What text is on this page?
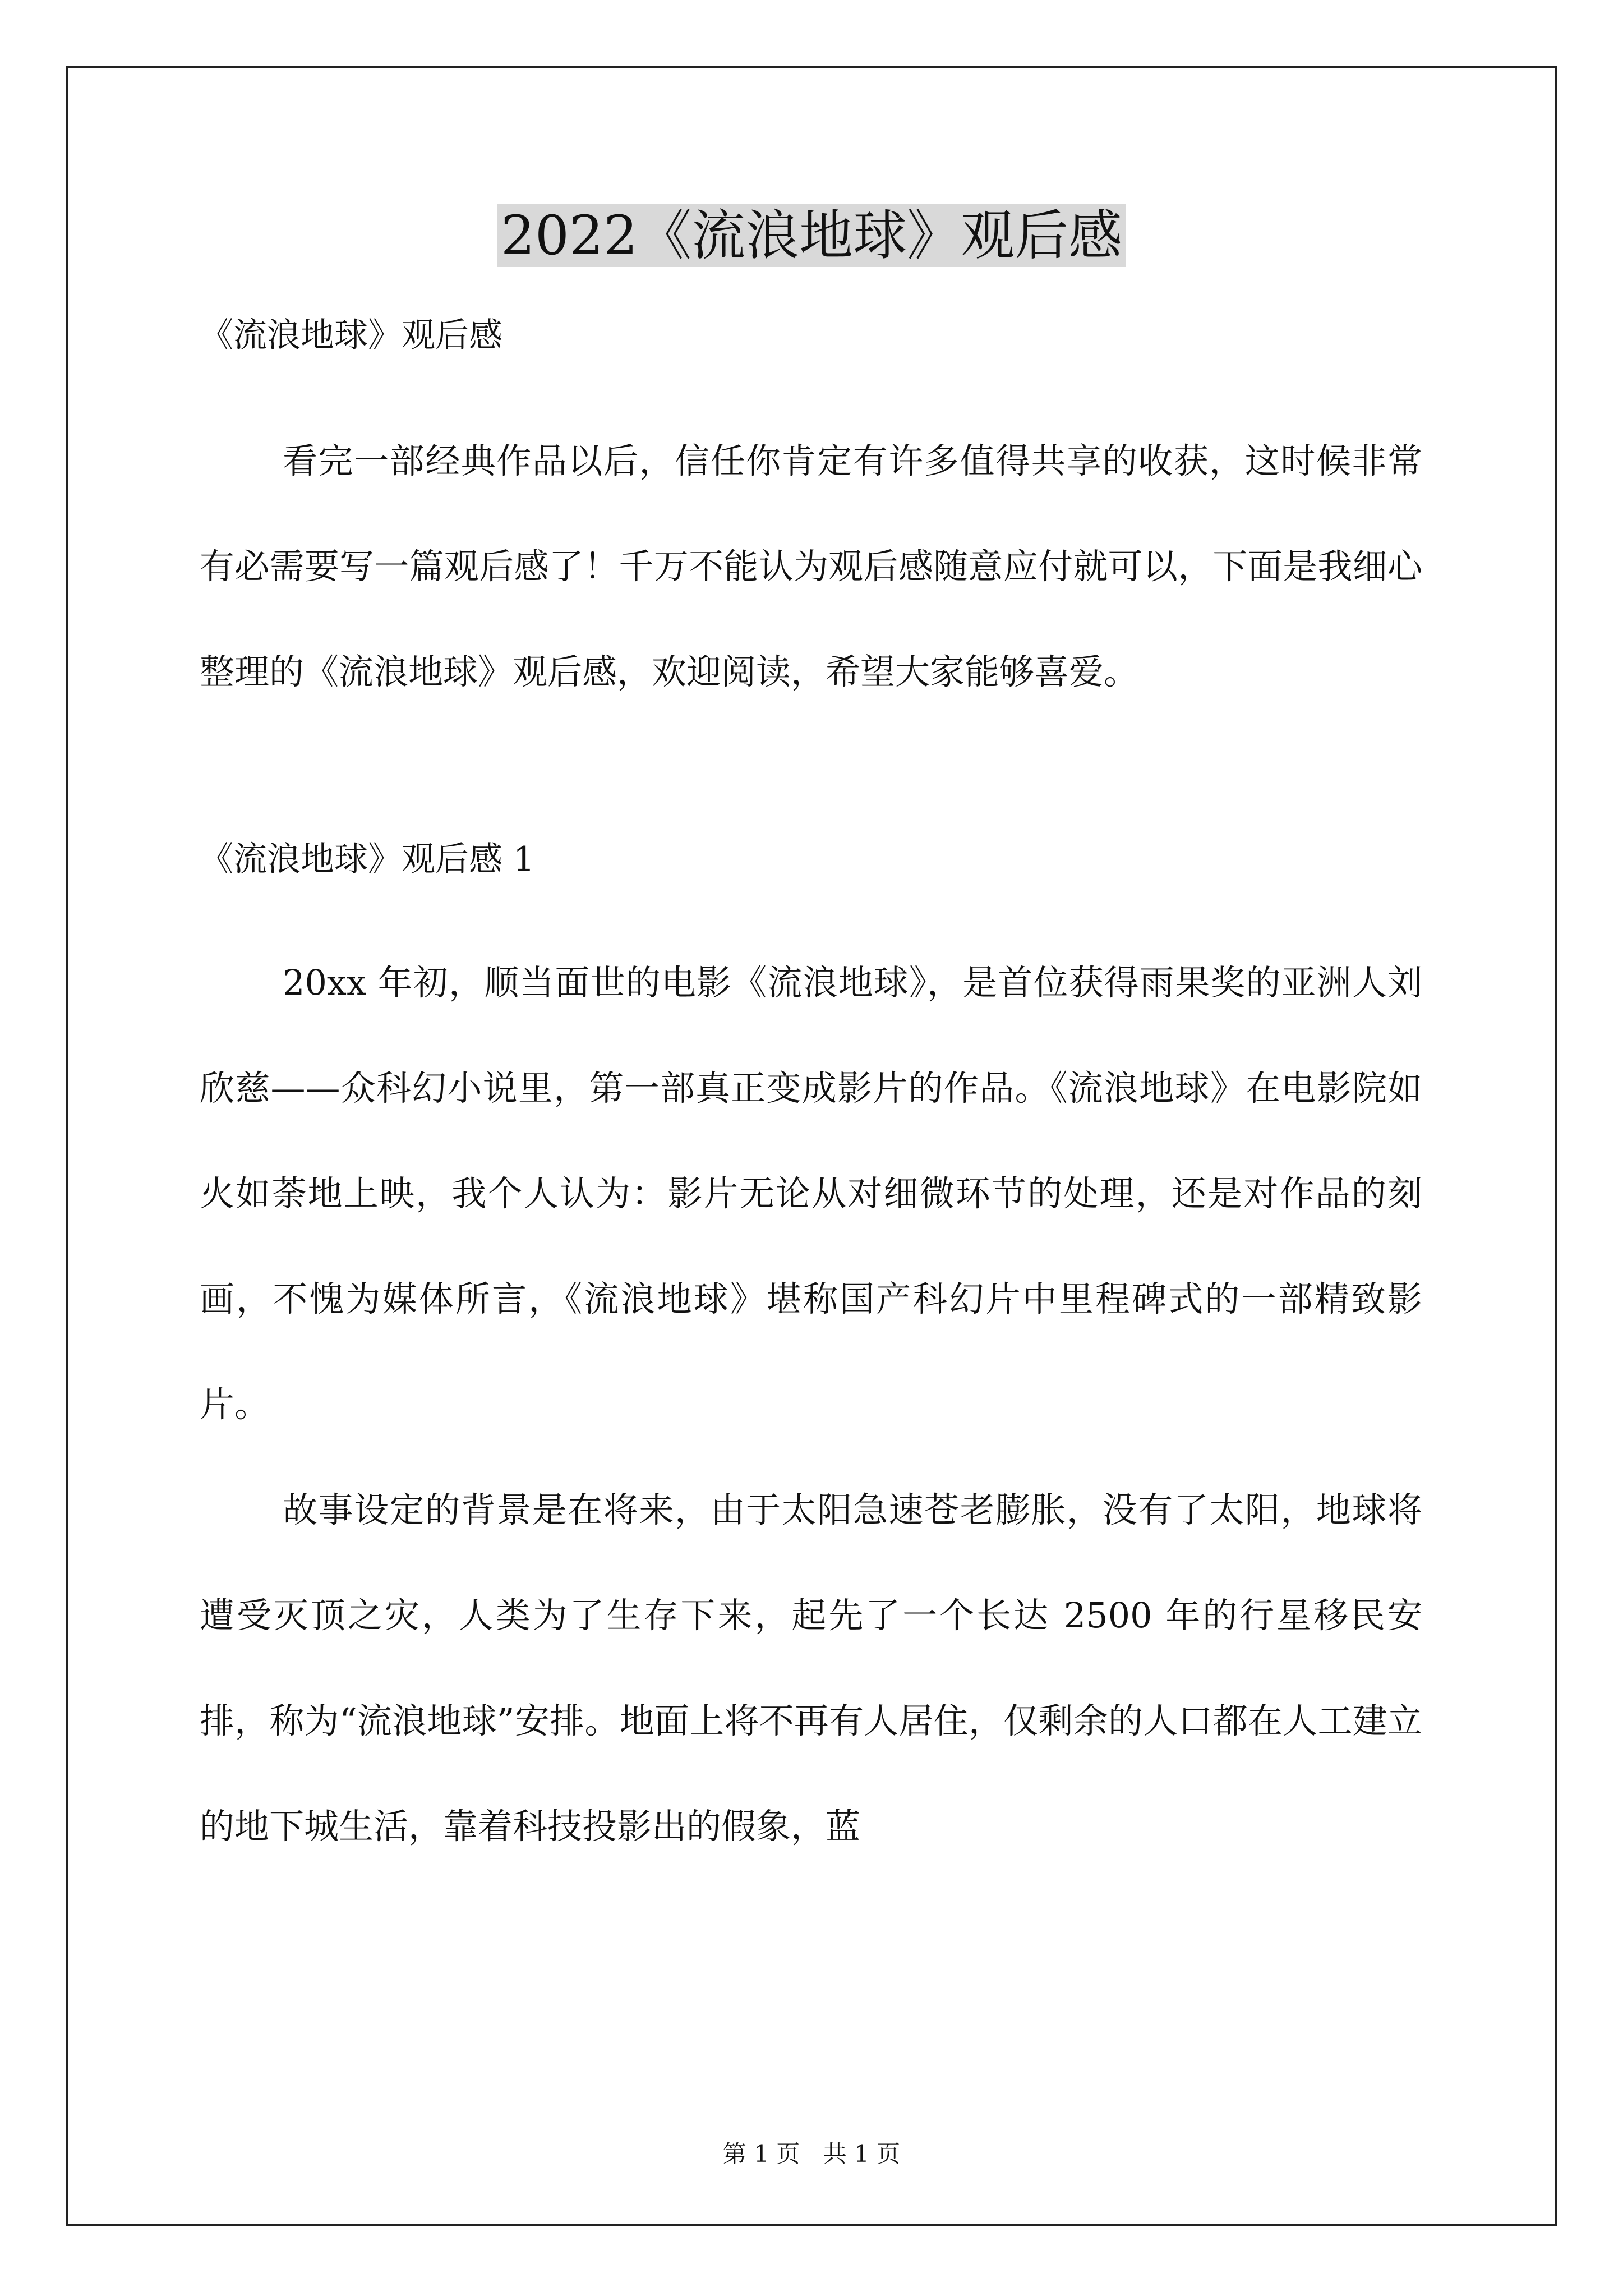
2022《流浪地球》观后感

《流浪地球》观后感

看完一部经典作品以后，信任你肯定有许多值得共享的收获，这时候非常有必需要写一篇观后感了！千万不能认为观后感随意应付就可以，下面是我细心整理的《流浪地球》观后感，欢迎阅读，希望大家能够喜爱。

《流浪地球》观后感 1

20xx 年初，顺当面世的电影《流浪地球》，是首位获得雨果奖的亚洲人刘欣慈——众科幻小说里，第一部真正变成影片的作品。《流浪地球》在电影院如火如荼地上映，我个人认为：影片无论从对细微环节的处理，还是对作品的刻画，不愧为媒体所言，《流浪地球》堪称国产科幻片中里程碑式的一部精致影片。

故事设定的背景是在将来，由于太阳急速苍老膨胀，没有了太阳，地球将遭受灭顶之灾，人类为了生存下来，起先了一个长达 2500 年的行星移民安排，称为“流浪地球”安排。地面上将不再有人居住，仅剩余的人口都在人工建立的地下城生活，靠着科技投影出的假象，蓝

第 1 页 共 1 页
